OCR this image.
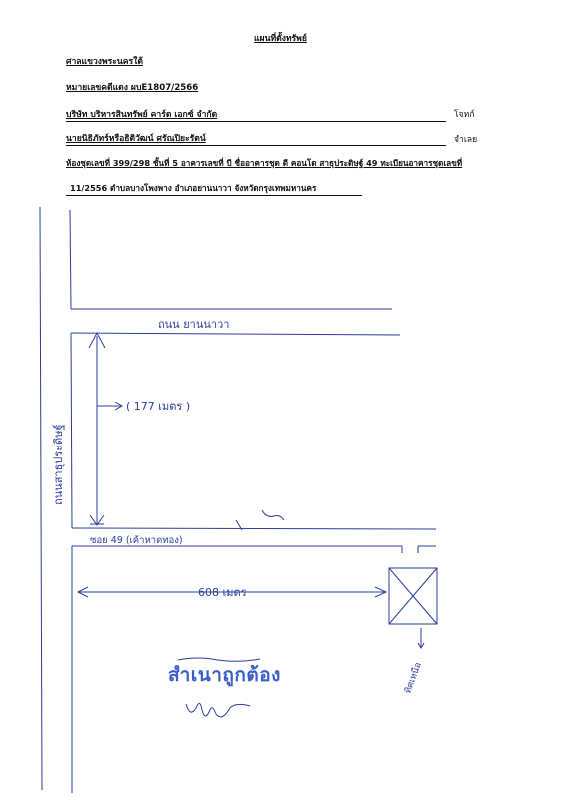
แผนที่ตั้งทรัพย์
ศาลแขวงพระนครใต้
หมายเลขคดีแดง ผบE1807/2566
บริษัท บริหารสินทรัพย์ คาร์ด เอกซ์ จำกัด	โจทก์
นายนิธิภัทร์หรือธิติวัฒน์ ศรัณปิยะรัตน์	จำเลย
ห้องชุดเลขที่ 399/298 ชั้นที่ 5 อาคารเลขที่ บี ชื่ออาคารชุด ดี คอนโด สาธุประดิษฐ์ 49 ทะเบียนอาคารชุดเลขที่
11/2556 ตำบลบางโพงพาง อำเภอยานนาวา จังหวัดกรุงเทพมหานคร
ถนน ยานนาวา
ถนนสาธุประดิษฐ์
ซอย 49 (เค้าหาดทอง)
( 177 เมตร )
608 เมตร
ทิศเหนือ
สำเนาถูกต้อง
